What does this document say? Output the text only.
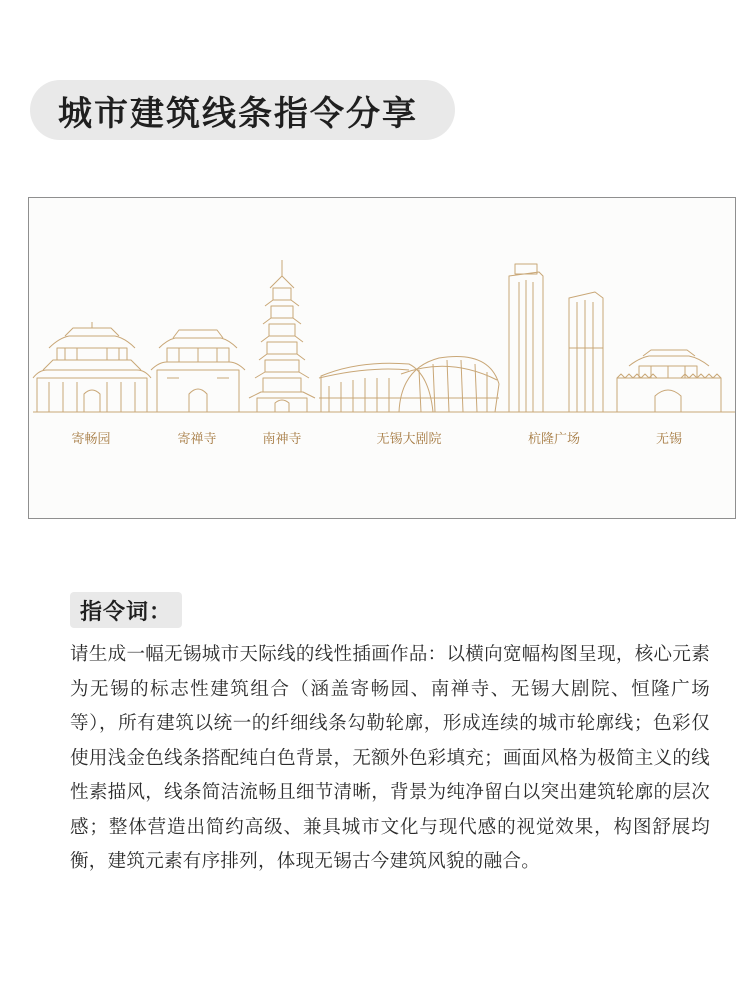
城市建筑线条指令分享
寄畅园	寄禅寺	南神寺	无锡大剧院	杭隆广场	无锡
指令词：
请生成一幅无锡城市天际线的线性插画作品：以横向宽幅构图呈现，核心元素为无锡的标志性建筑组合（涵盖寄畅园、南禅寺、无锡大剧院、恒隆广场等），所有建筑以统一的纤细线条勾勒轮廓，形成连续的城市轮廓线；色彩仅使用浅金色线条搭配纯白色背景，无额外色彩填充；画面风格为极简主义的线性素描风，线条简洁流畅且细节清晰，背景为纯净留白以突出建筑轮廓的层次感；整体营造出简约高级、兼具城市文化与现代感的视觉效果，构图舒展均衡，建筑元素有序排列，体现无锡古今建筑风貌的融合。
